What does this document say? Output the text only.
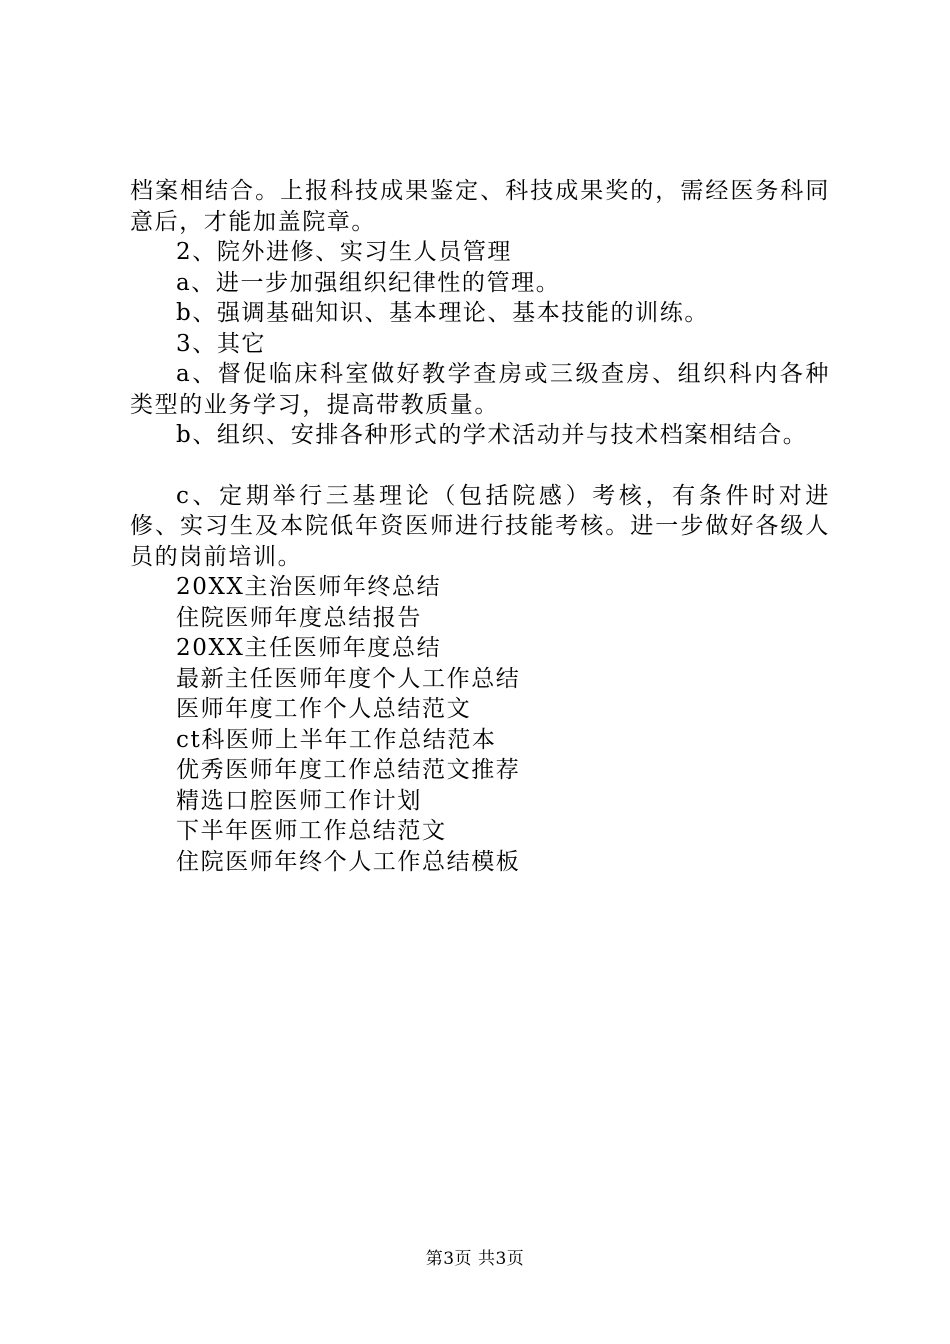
档案相结合。上报科技成果鉴定、科技成果奖的，需经医务科同意后，才能加盖院章。

2、院外进修、实习生人员管理

a、进一步加强组织纪律性的管理。

b、强调基础知识、基本理论、基本技能的训练。

3、其它

a、督促临床科室做好教学查房或三级查房、组织科内各种类型的业务学习，提高带教质量。

b、组织、安排各种形式的学术活动并与技术档案相结合。

c、定期举行三基理论（包括院感）考核，有条件时对进修、实习生及本院低年资医师进行技能考核。进一步做好各级人员的岗前培训。

20XX主治医师年终总结
住院医师年度总结报告
20XX主任医师年度总结
最新主任医师年度个人工作总结
医师年度工作个人总结范文
ct科医师上半年工作总结范本
优秀医师年度工作总结范文推荐
精选口腔医师工作计划
下半年医师工作总结范文
住院医师年终个人工作总结模板
第3页 共3页
